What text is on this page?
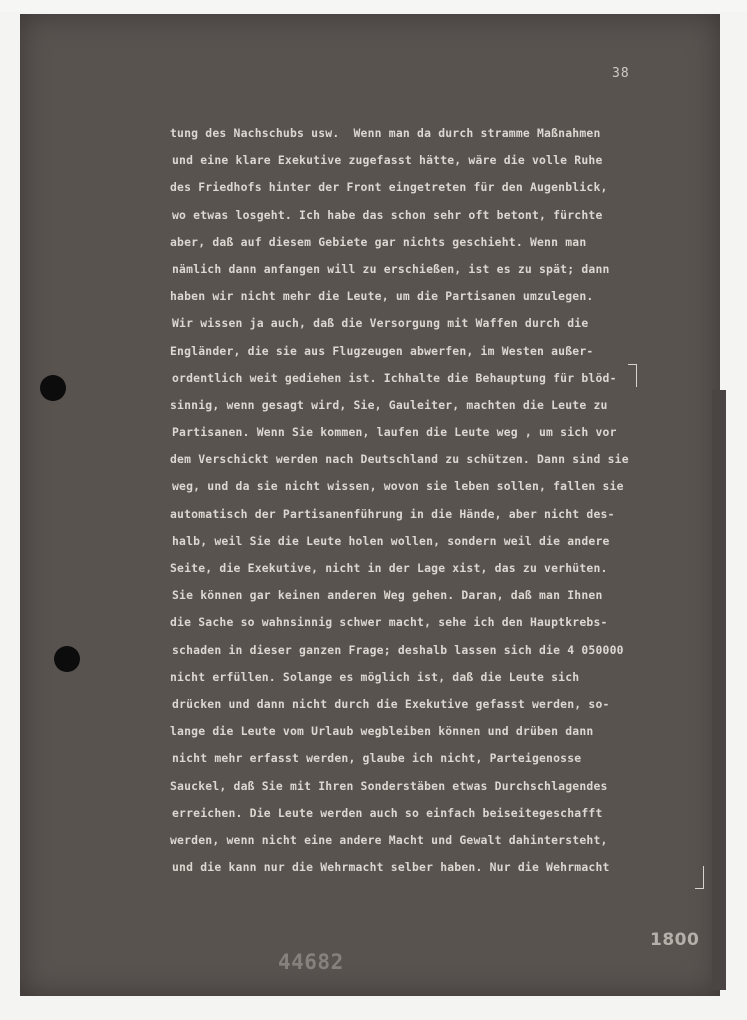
38
tung des Nachschubs usw.  Wenn man da durch stramme Maßnahmen
und eine klare Exekutive zugefasst hätte, wäre die volle Ruhe
des Friedhofs hinter der Front eingetreten für den Augenblick,
wo etwas losgeht. Ich habe das schon sehr oft betont, fürchte
aber, daß auf diesem Gebiete gar nichts geschieht. Wenn man
nämlich dann anfangen will zu erschießen, ist es zu spät; dann
haben wir nicht mehr die Leute, um die Partisanen umzulegen.
Wir wissen ja auch, daß die Versorgung mit Waffen durch die
Engländer, die sie aus Flugzeugen abwerfen, im Westen außer-
ordentlich weit gediehen ist. Ichhalte die Behauptung für blöd-
sinnig, wenn gesagt wird, Sie, Gauleiter, machten die Leute zu
Partisanen. Wenn Sie kommen, laufen die Leute weg , um sich vor
dem Verschickt werden nach Deutschland zu schützen. Dann sind sie
weg, und da sie nicht wissen, wovon sie leben sollen, fallen sie
automatisch der Partisanenführung in die Hände, aber nicht des-
halb, weil Sie die Leute holen wollen, sondern weil die andere
Seite, die Exekutive, nicht in der Lage xist, das zu verhüten.
Sie können gar keinen anderen Weg gehen. Daran, daß man Ihnen
die Sache so wahnsinnig schwer macht, sehe ich den Hauptkrebs-
schaden in dieser ganzen Frage; deshalb lassen sich die 4 050000
nicht erfüllen. Solange es möglich ist, daß die Leute sich
drücken und dann nicht durch die Exekutive gefasst werden, so-
lange die Leute vom Urlaub wegbleiben können und drüben dann
nicht mehr erfasst werden, glaube ich nicht, Parteigenosse
Sauckel, daß Sie mit Ihren Sonderstäben etwas Durchschlagendes
erreichen. Die Leute werden auch so einfach beiseitegeschafft
werden, wenn nicht eine andere Macht und Gewalt dahintersteht,
und die kann nur die Wehrmacht selber haben. Nur die Wehrmacht
1800
44682
